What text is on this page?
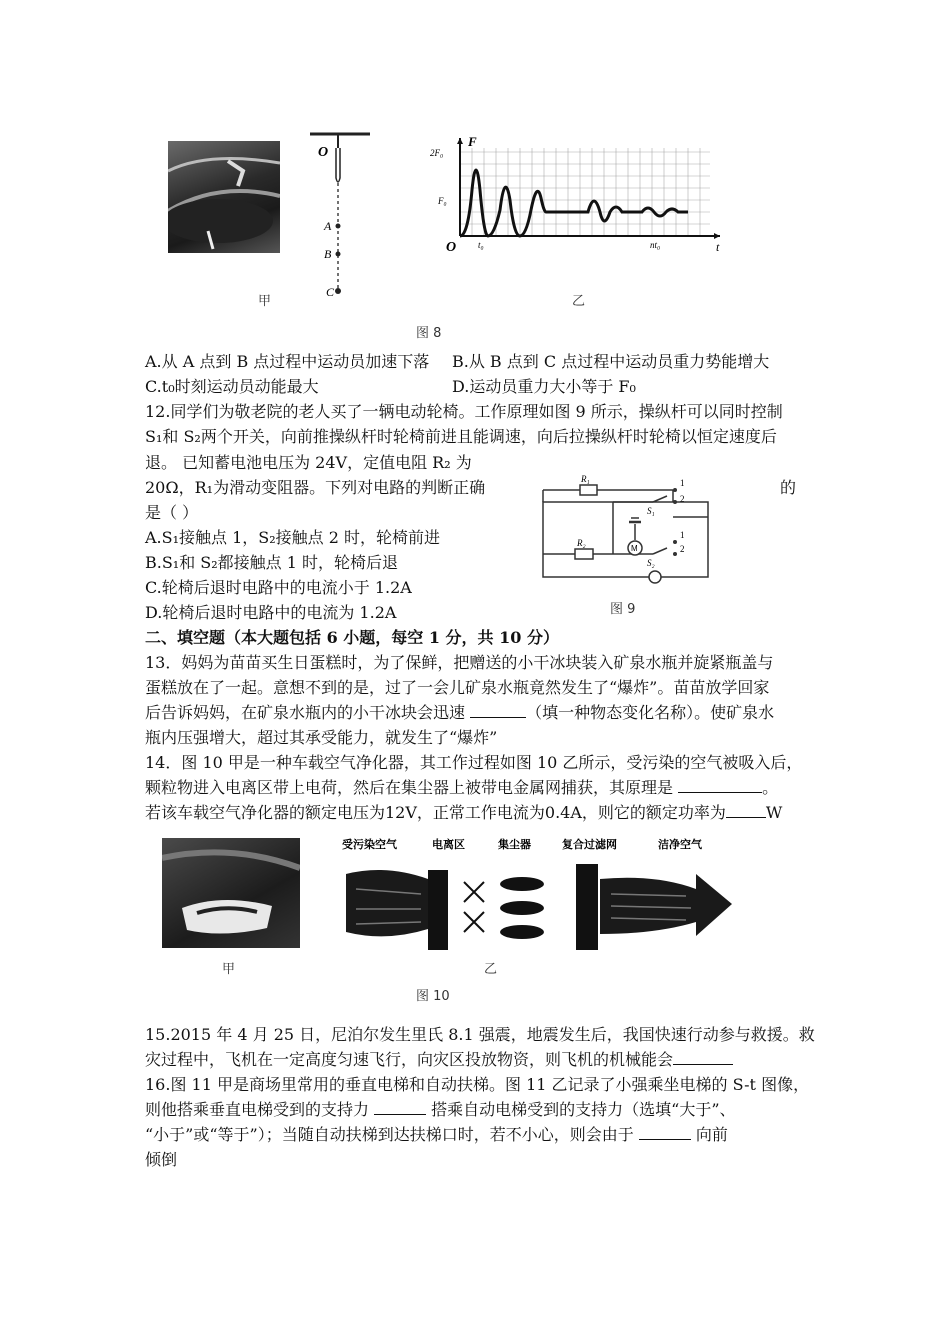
O
A
B
C
F
t
O
2F₀
F₀
t₀	nt₀
甲	乙
图 8
A.从 A 点到 B 点过程中运动员加速下落 B.从 B 点到 C 点过程中运动员重力势能增大
C.t₀时刻运动员动能最大	D.运动员重力大小等于 F₀
12.同学们为敬老院的老人买了一辆电动轮椅。工作原理如图 9 所示，操纵杆可以同时控制
S₁和 S₂两个开关，向前推操纵杆时轮椅前进且能调速，向后拉操纵杆时轮椅以恒定速度后
退。 已知蓄电池电压为 24V，定值电阻 R₂ 为
20Ω，R₁为滑动变阻器。下列对电路的判断正确	的
是（ ）
A.S₁接触点 1，S₂接触点 2 时，轮椅前进
B.S₁和 S₂都接触点 1 时，轮椅后退
C.轮椅后退时电路中的电流小于 1.2A
D.轮椅后退时电路中的电流为 1.2A
R₁
R₂
S₁
S₂
1
2
1
2
M
图 9
二、填空题（本大题包括 6 小题，每空 1 分，共 10 分）
13．妈妈为苗苗买生日蛋糕时，为了保鲜，把赠送的小干冰块装入矿泉水瓶并旋紧瓶盖与
蛋糕放在了一起。意想不到的是，过了一会儿矿泉水瓶竟然发生了“爆炸”。苗苗放学回家
后告诉妈妈，在矿泉水瓶内的小干冰块会迅速	（填一种物态变化名称）。使矿泉水
瓶内压强增大，超过其承受能力，就发生了“爆炸”
14．图 10 甲是一种车载空气净化器，其工作过程如图 10 乙所示，受污染的空气被吸入后，
颗粒物进入电离区带上电荷，然后在集尘器上被带电金属网捕获，其原理是	。
若该车载空气净化器的额定电压为12V，正常工作电流为0.4A，则它的额定功率为	W
受污染空气	电离区	集尘器	复合过滤网	洁净空气
甲	乙
图 10
15.2015 年 4 月 25 日，尼泊尔发生里氏 8.1 强震，地震发生后，我国快速行动参与救援。救
灾过程中，飞机在一定高度匀速飞行，向灾区投放物资，则飞机的机械能会
16.图 11 甲是商场里常用的垂直电梯和自动扶梯。图 11 乙记录了小强乘坐电梯的 S-t 图像，
则他搭乘垂直电梯受到的支持力	搭乘自动电梯受到的支持力（选填“大于”、
“小于”或“等于”）；当随自动扶梯到达扶梯口时，若不小心，则会由于	向前
倾倒
